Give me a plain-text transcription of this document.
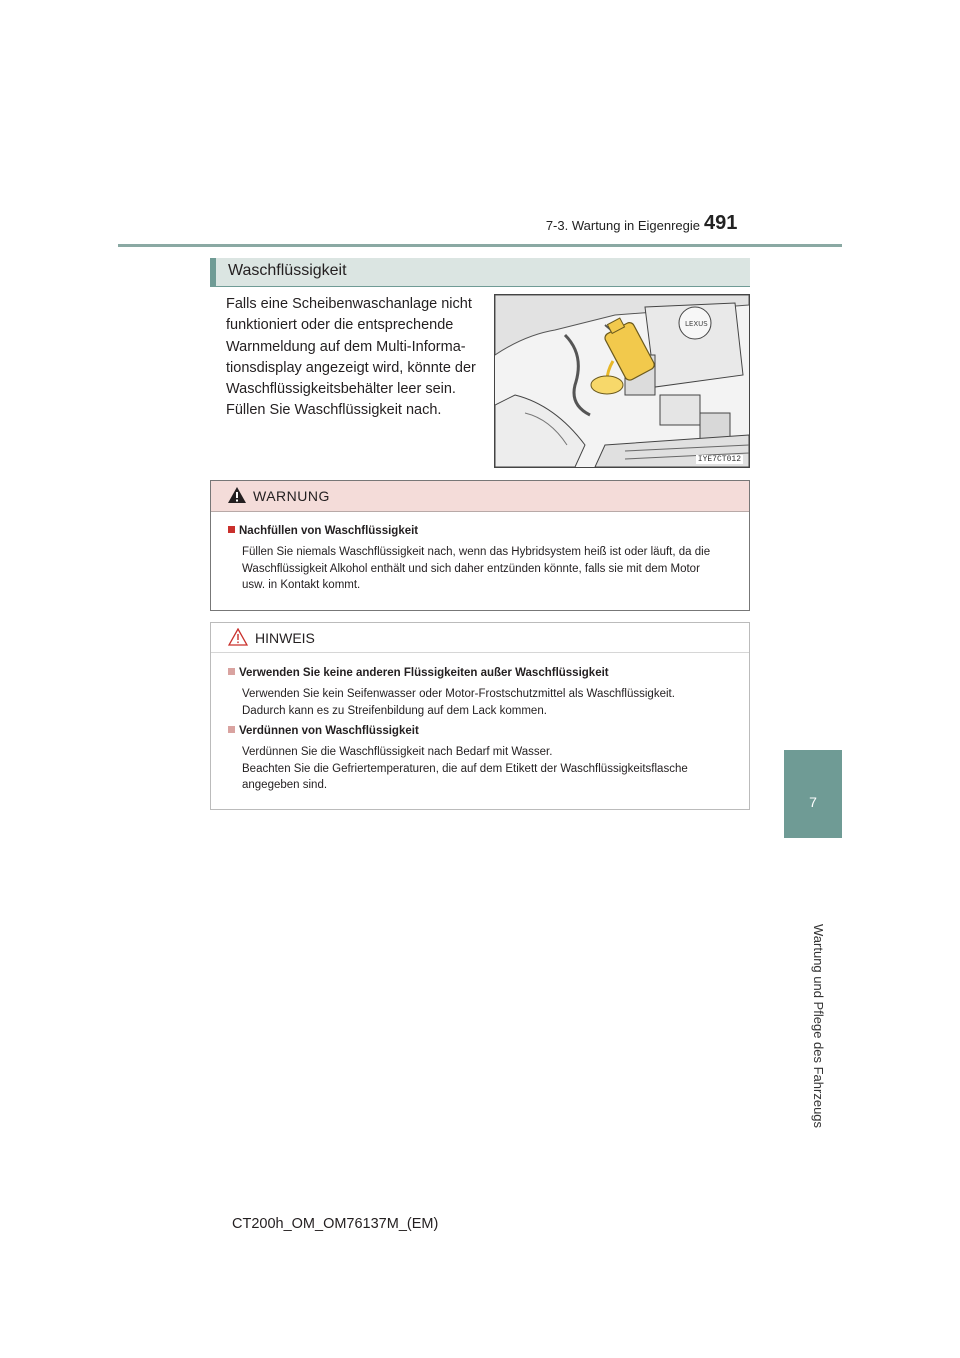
7-3. Wartung in Eigenregie 491
7
Wartung und Pflege des Fahrzeugs
Waschflüssigkeit
Falls eine Scheibenwaschanlage nicht
funktioniert oder die entsprechende
Warnmeldung auf dem Multi-Informa-
tionsdisplay angezeigt wird, könnte der
Waschflüssigkeitsbehälter leer sein.
Füllen Sie Waschflüssigkeit nach.
LEXUS
IYE7CT012
WARNUNG
Nachfüllen von Waschflüssigkeit
Füllen Sie niemals Waschflüssigkeit nach, wenn das Hybridsystem heiß ist oder läuft, da die
Waschflüssigkeit Alkohol enthält und sich daher entzünden könnte, falls sie mit dem Motor
usw. in Kontakt kommt.
HINWEIS
Verwenden Sie keine anderen Flüssigkeiten außer Waschflüssigkeit
Verwenden Sie kein Seifenwasser oder Motor-Frostschutzmittel als Waschflüssigkeit.
Dadurch kann es zu Streifenbildung auf dem Lack kommen.
Verdünnen von Waschflüssigkeit
Verdünnen Sie die Waschflüssigkeit nach Bedarf mit Wasser.
Beachten Sie die Gefriertemperaturen, die auf dem Etikett der Waschflüssigkeitsflasche
angegeben sind.
CT200h_OM_OM76137M_(EM)
